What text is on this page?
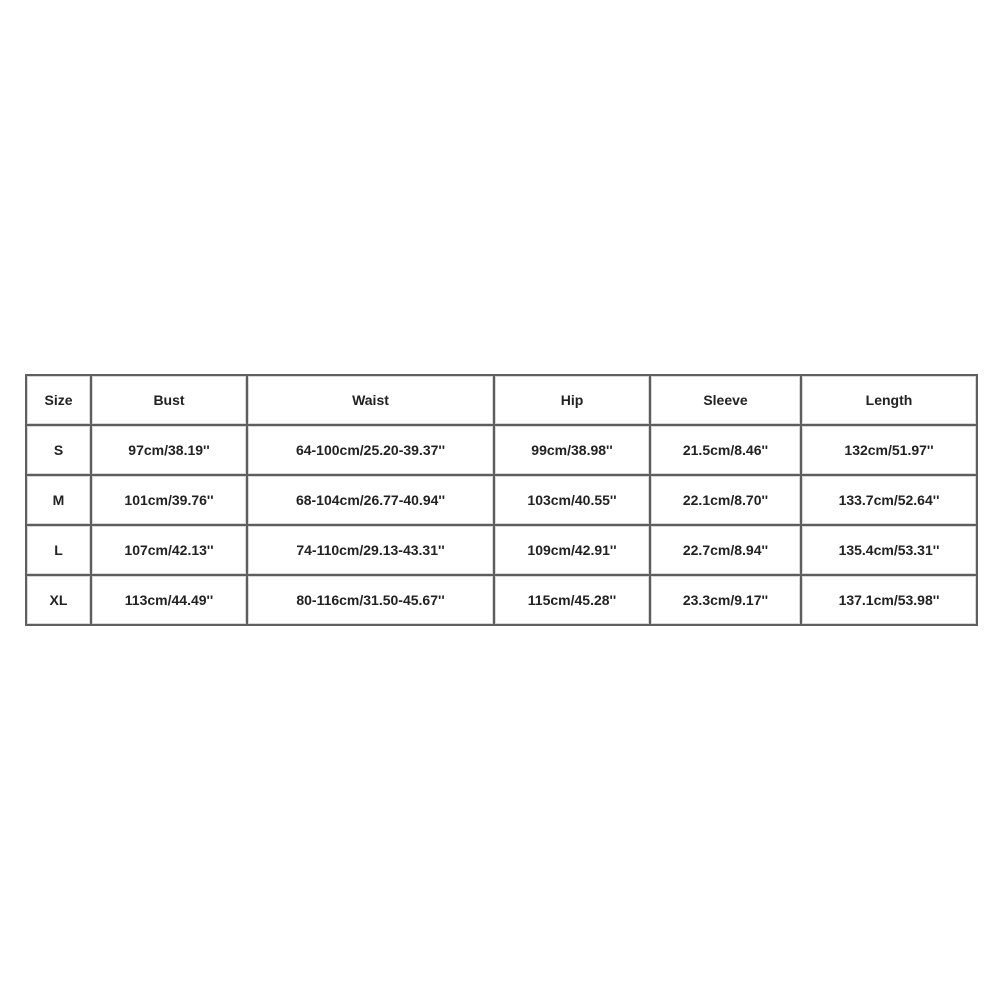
Size	Bust	Waist	Hip	Sleeve	Length
S	97cm/38.19''	64-100cm/25.20-39.37''	99cm/38.98''	21.5cm/8.46''	132cm/51.97''
M	101cm/39.76''	68-104cm/26.77-40.94''	103cm/40.55''	22.1cm/8.70''	133.7cm/52.64''
L	107cm/42.13''	74-110cm/29.13-43.31''	109cm/42.91''	22.7cm/8.94''	135.4cm/53.31''
XL	113cm/44.49''	80-116cm/31.50-45.67''	115cm/45.28''	23.3cm/9.17''	137.1cm/53.98''
